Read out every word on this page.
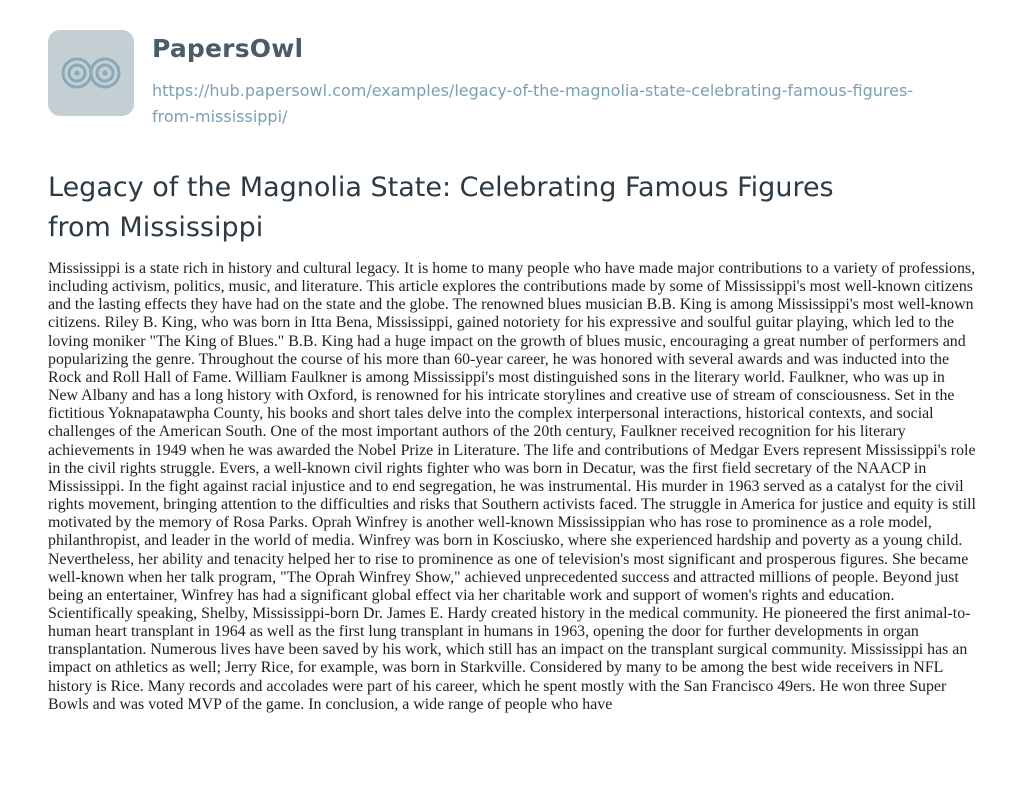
PapersOwl
https://hub.papersowl.com/examples/legacy-of-the-magnolia-state-celebrating-famous-figures-from-mississippi/
Legacy of the Magnolia State: Celebrating Famous Figures from Mississippi

Mississippi is a state rich in history and cultural legacy. It is home to many people who have made major contributions to a variety of professions, including activism, politics, music, and literature. This article explores the contributions made by some of Mississippi's most well-known citizens and the lasting effects they have had on the state and the globe. The renowned blues musician B.B. King is among Mississippi's most well-known citizens. Riley B. King, who was born in Itta Bena, Mississippi, gained notoriety for his expressive and soulful guitar playing, which led to the loving moniker "The King of Blues." B.B. King had a huge impact on the growth of blues music, encouraging a great number of performers and popularizing the genre. Throughout the course of his more than 60-year career, he was honored with several awards and was inducted into the Rock and Roll Hall of Fame. William Faulkner is among Mississippi's most distinguished sons in the literary world. Faulkner, who was up in New Albany and has a long history with Oxford, is renowned for his intricate storylines and creative use of stream of consciousness. Set in the fictitious Yoknapatawpha County, his books and short tales delve into the complex interpersonal interactions, historical contexts, and social challenges of the American South. One of the most important authors of the 20th century, Faulkner received recognition for his literary achievements in 1949 when he was awarded the Nobel Prize in Literature. The life and contributions of Medgar Evers represent Mississippi's role in the civil rights struggle. Evers, a well-known civil rights fighter who was born in Decatur, was the first field secretary of the NAACP in Mississippi. In the fight against racial injustice and to end segregation, he was instrumental. His murder in 1963 served as a catalyst for the civil rights movement, bringing attention to the difficulties and risks that Southern activists faced. The struggle in America for justice and equity is still motivated by the memory of Rosa Parks. Oprah Winfrey is another well-known Mississippian who has rose to prominence as a role model, philanthropist, and leader in the world of media. Winfrey was born in Kosciusko, where she experienced hardship and poverty as a young child. Nevertheless, her ability and tenacity helped her to rise to prominence as one of television's most significant and prosperous figures. She became well-known when her talk program, "The Oprah Winfrey Show," achieved unprecedented success and attracted millions of people. Beyond just being an entertainer, Winfrey has had a significant global effect via her charitable work and support of women's rights and education. Scientifically speaking, Shelby, Mississippi-born Dr. James E. Hardy created history in the medical community. He pioneered the first animal-to-human heart transplant in 1964 as well as the first lung transplant in humans in 1963, opening the door for further developments in organ transplantation. Numerous lives have been saved by his work, which still has an impact on the transplant surgical community. Mississippi has an impact on athletics as well; Jerry Rice, for example, was born in Starkville. Considered by many to be among the best wide receivers in NFL history is Rice. Many records and accolades were part of his career, which he spent mostly with the San Francisco 49ers. He won three Super Bowls and was voted MVP of the game. In conclusion, a wide range of people who have
